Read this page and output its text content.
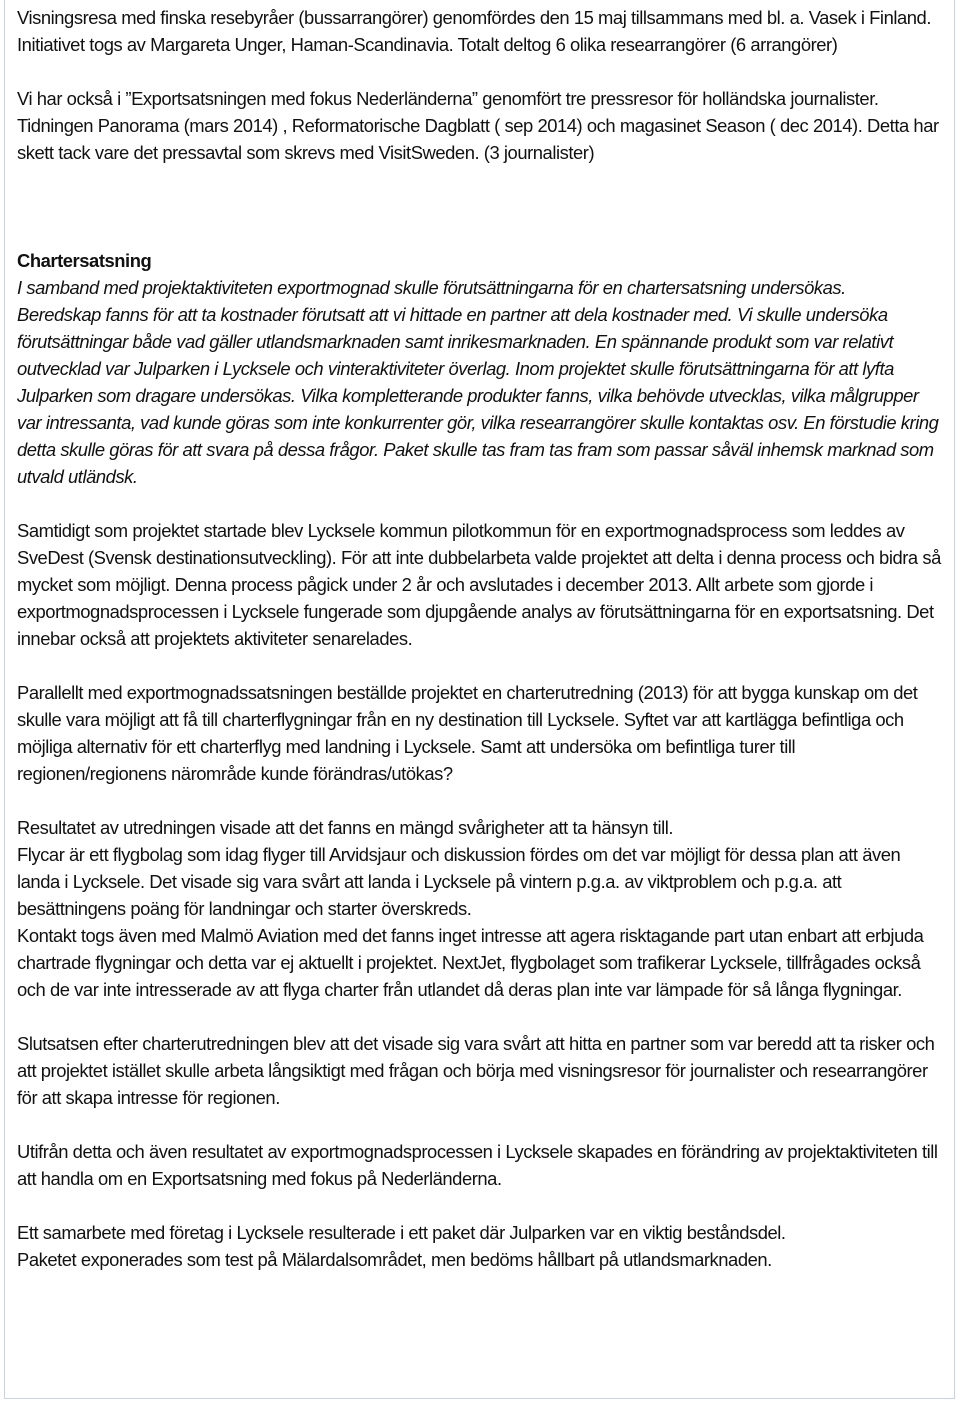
Visningsresa med finska resebyråer (bussarrangörer) genomfördes den 15 maj tillsammans med bl. a. Vasek i Finland. Initiativet togs av Margareta Unger, Haman-Scandinavia. Totalt deltog 6 olika researrangörer (6 arrangörer)

Vi har också i ”Exportsatsningen med fokus Nederländerna” genomfört tre pressresor för holländska journalister. Tidningen Panorama (mars 2014) , Reformatorische Dagblatt ( sep 2014) och magasinet Season ( dec 2014). Detta har skett tack vare det pressavtal som skrevs med VisitSweden. (3 journalister)

Chartersatsning

I samband med projektaktiviteten exportmognad skulle förutsättningarna för en chartersatsning undersökas.

Beredskap fanns för att ta kostnader förutsatt att vi hittade en partner att dela kostnader med. Vi skulle undersöka förutsättningar både vad gäller utlandsmarknaden samt inrikesmarknaden. En spännande produkt som var relativt outvecklad var Julparken i Lycksele och vinteraktiviteter överlag. Inom projektet skulle förutsättningarna för att lyfta Julparken som dragare undersökas. Vilka kompletterande produkter fanns, vilka behövde utvecklas, vilka målgrupper var intressanta, vad kunde göras som inte konkurrenter gör, vilka researrangörer skulle kontaktas osv. En förstudie kring detta skulle göras för att svara på dessa frågor. Paket skulle tas fram tas fram som passar såväl inhemsk marknad som utvald utländsk.

Samtidigt som projektet startade blev Lycksele kommun pilotkommun för en exportmognadsprocess som leddes av SveDest (Svensk destinationsutveckling). För att inte dubbelarbeta valde projektet att delta i denna process och bidra så mycket som möjligt. Denna process pågick under 2 år och avslutades i december 2013. Allt arbete som gjorde i exportmognadsprocessen i Lycksele fungerade som djupgående analys av förutsättningarna för en exportsatsning. Det innebar också att projektets aktiviteter senarelades.

Parallellt med exportmognadssatsningen beställde projektet en charterutredning (2013) för att bygga kunskap om det skulle vara möjligt att få till charterflygningar från en ny destination till Lycksele. Syftet var att kartlägga befintliga och möjliga alternativ för ett charterflyg med landning i Lycksele. Samt att undersöka om befintliga turer till regionen/regionens närområde kunde förändras/utökas?

Resultatet av utredningen visade att det fanns en mängd svårigheter att ta hänsyn till.

Flycar är ett flygbolag som idag flyger till Arvidsjaur och diskussion fördes om det var möjligt för dessa plan att även landa i Lycksele. Det visade sig vara svårt att landa i Lycksele på vintern p.g.a. av viktproblem och p.g.a. att besättningens poäng för landningar och starter överskreds.

Kontakt togs även med Malmö Aviation med det fanns inget intresse att agera risktagande part utan enbart att erbjuda chartrade flygningar och detta var ej aktuellt i projektet. NextJet, flygbolaget som trafikerar Lycksele, tillfrågades också och de var inte intresserade av att flyga charter från utlandet då deras plan inte var lämpade för så långa flygningar.

Slutsatsen efter charterutredningen blev att det visade sig vara svårt att hitta en partner som var beredd att ta risker och att projektet istället skulle arbeta långsiktigt med frågan och börja med visningsresor för journalister och researrangörer för att skapa intresse för regionen.

Utifrån detta och även resultatet av exportmognadsprocessen i Lycksele skapades en förändring av projektaktiviteten till att handla om en Exportsatsning med fokus på Nederländerna.

Ett samarbete med företag i Lycksele resulterade i ett paket där Julparken var en viktig beståndsdel.

Paketet exponerades som test på Mälardalsområdet, men bedöms hållbart på utlandsmarknaden.
